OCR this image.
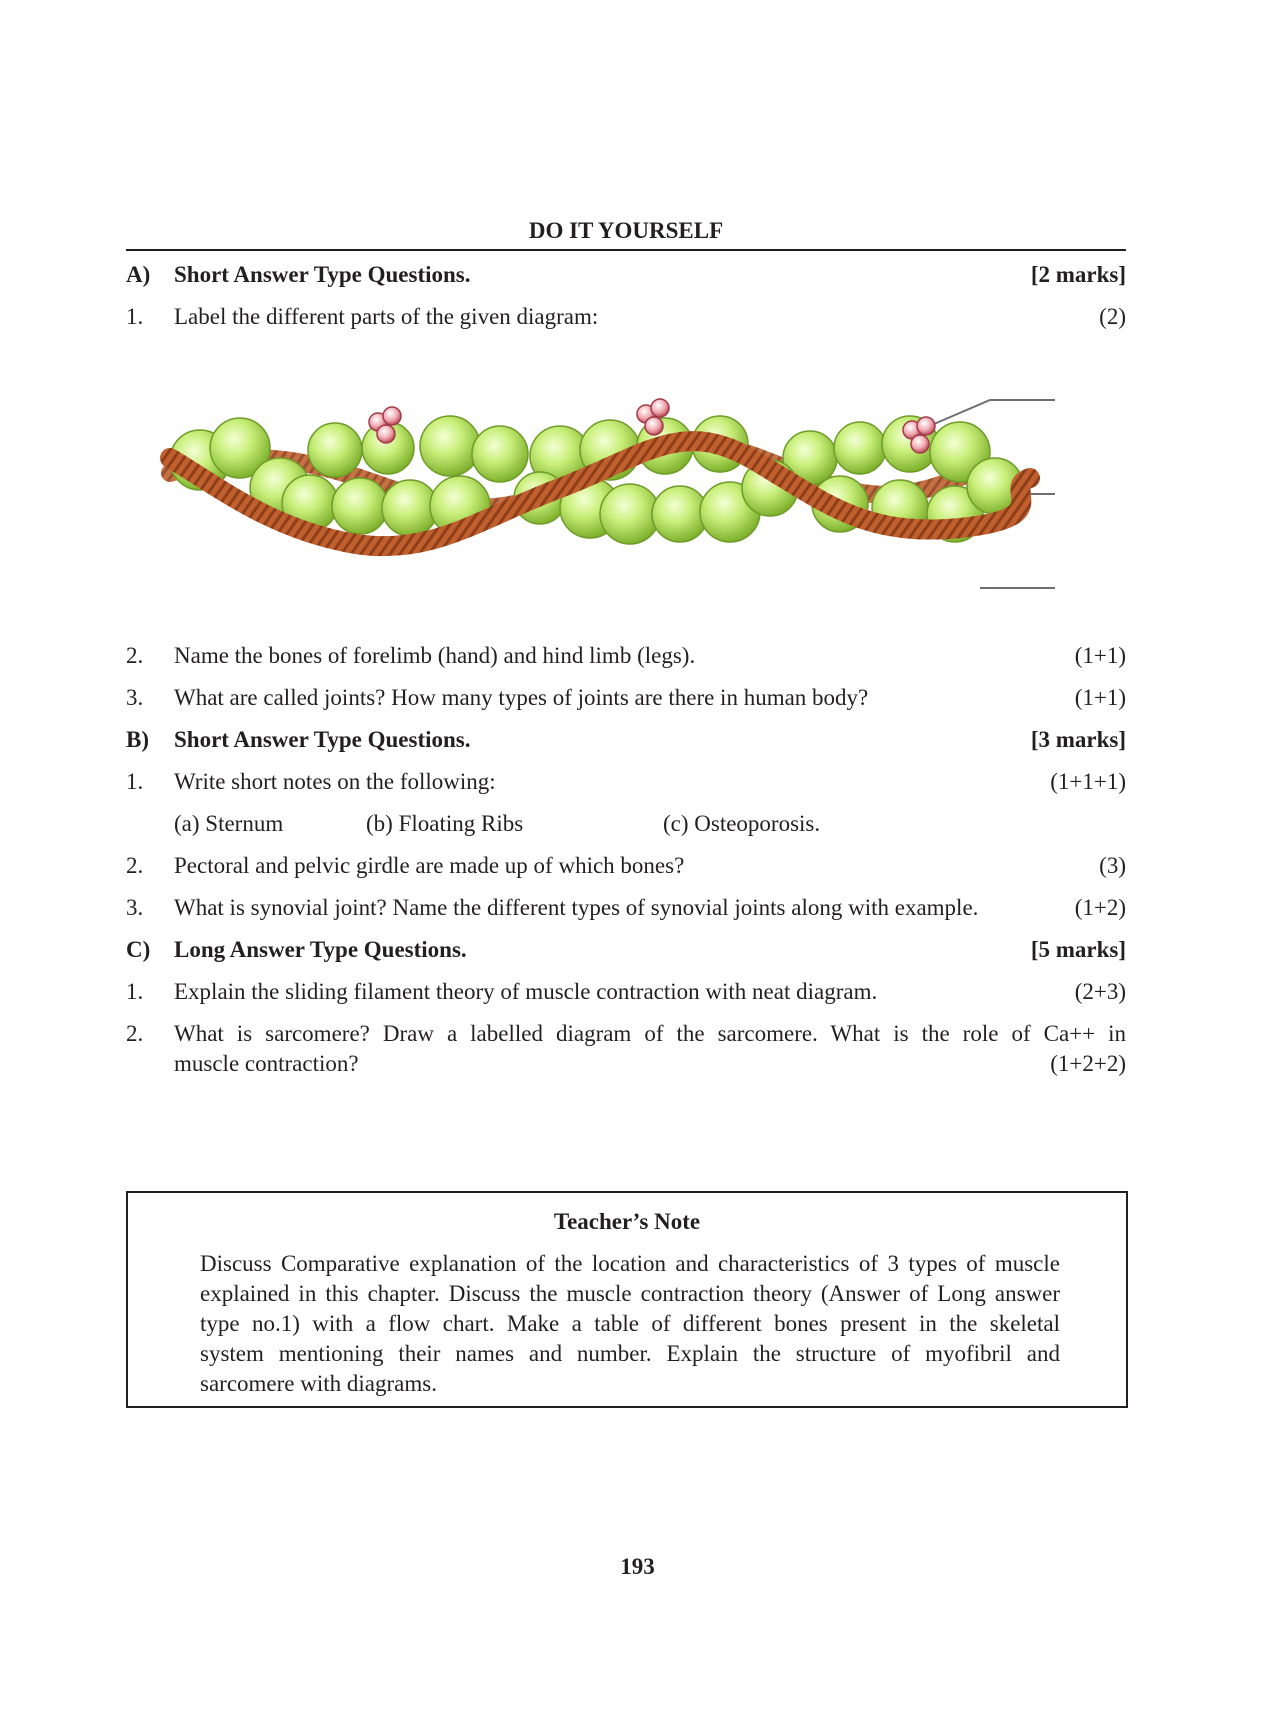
DO IT YOURSELF
A) Short Answer Type Questions.	[2 marks]
1. Label the different parts of the given diagram:	(2)
2. Name the bones of forelimb (hand) and hind limb (legs).	(1+1)
3. What are called joints? How many types of joints are there in human body?	(1+1)
B) Short Answer Type Questions.	[3 marks]
1. Write short notes on the following:	(1+1+1)
(a) Sternum	(b) Floating Ribs	(c) Osteoporosis.
2. Pectoral and pelvic girdle are made up of which bones?	(3)
3. What is synovial joint? Name the different types of synovial joints along with example.	(1+2)
C) Long Answer Type Questions.	[5 marks]
1. Explain the sliding filament theory of muscle contraction with neat diagram.	(2+3)
2. What is sarcomere? Draw a labelled diagram of the sarcomere. What is the role of Ca++ in
muscle contraction?	(1+2+2)
Teacher’s Note
Discuss Comparative explanation of the location and characteristics of 3 types of muscle
explained in this chapter. Discuss the muscle contraction theory (Answer of Long answer
type no.1) with a flow chart. Make a table of different bones present in the skeletal
system mentioning their names and number. Explain the structure of myofibril and
sarcomere with diagrams.
193
